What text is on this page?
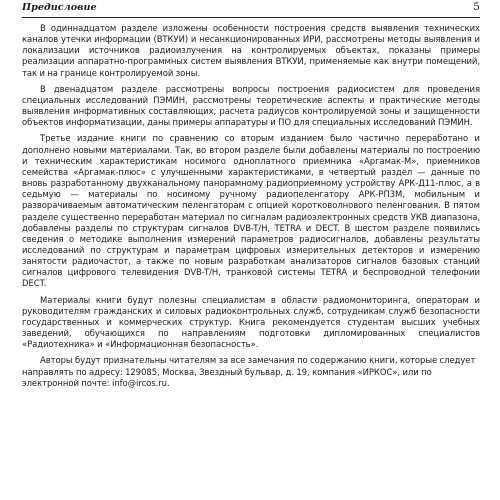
Предисловие	5

В одиннадцатом разделе изложены особенности построения средств выявления технических каналов утечки информации (ВТКУИ) и несанкционированных ИРИ, рассмотрены методы выявления и локализации источников радиоизлучения на контролируемых объектах, показаны примеры реализации аппаратно-программных систем выявления ВТКУИ, применяемые как внутри помещений, так и на границе контролируемой зоны.

В двенадцатом разделе рассмотрены вопросы построения радиосистем для проведения специальных исследований ПЭМИН, рассмотрены теоретические аспекты и практические методы выявления информативных составляющих, расчета радиусов контролируемой зоны и защищенности объектов информатизации, даны примеры аппаратуры и ПО для специальных исследований ПЭМИН.

Третье издание книги по сравнению со вторым изданием было частично переработано и дополнено новыми материалами. Так, во втором разделе были добавлены материалы по построению и техническим характеристикам носимого одноплатного приемника «Аргамак-М», приемников семейства «Аргамак-плюс» с улучшенными характеристиками, в четвертый раздел — данные по вновь разработанному двухканальному панорамному радиоприемному устройству АРК-Д11-плюс, а в седьмую — материалы по носимому ручному радиопеленгатору АРК-РП3М, мобильным и разворачиваемым автоматическим пеленгаторам с опцией коротковолнового пеленгования. В пятом разделе существенно переработан материал по сигналам радиоэлектронных средств УКВ диапазона, добавлены разделы по структурам сигналов DVB-T/H, TETRA и DECT. В шестом разделе появились сведения о методике выполнения измерений параметров радиосигналов, добавлены результаты исследований по структурам и параметрам цифровых измерительных детекторов и измерению занятости радиочастот, а также по новым разработкам анализаторов сигналов базовых станций сигналов цифрового телевидения DVB-T/H, транковой системы TETRA и беспроводной телефонии DECT.

Материалы книги будут полезны специалистам в области радиомониторинга, операторам и руководителям гражданских и силовых радиоконтрольных служб, сотрудникам служб безопасности государственных и коммерческих структур. Книга рекомендуется студентам высших учебных заведений, обучающихся по направлениям подготовки дипломированных специалистов «Радиотехника» и «Информационная безопасность».

Авторы будут признательны читателям за все замечания по содержанию книги, которые следует направлять по адресу: 129085, Москва, Звездный бульвар, д. 19, компания «ИРКОС», или по электронной почте: info@ircos.ru.
